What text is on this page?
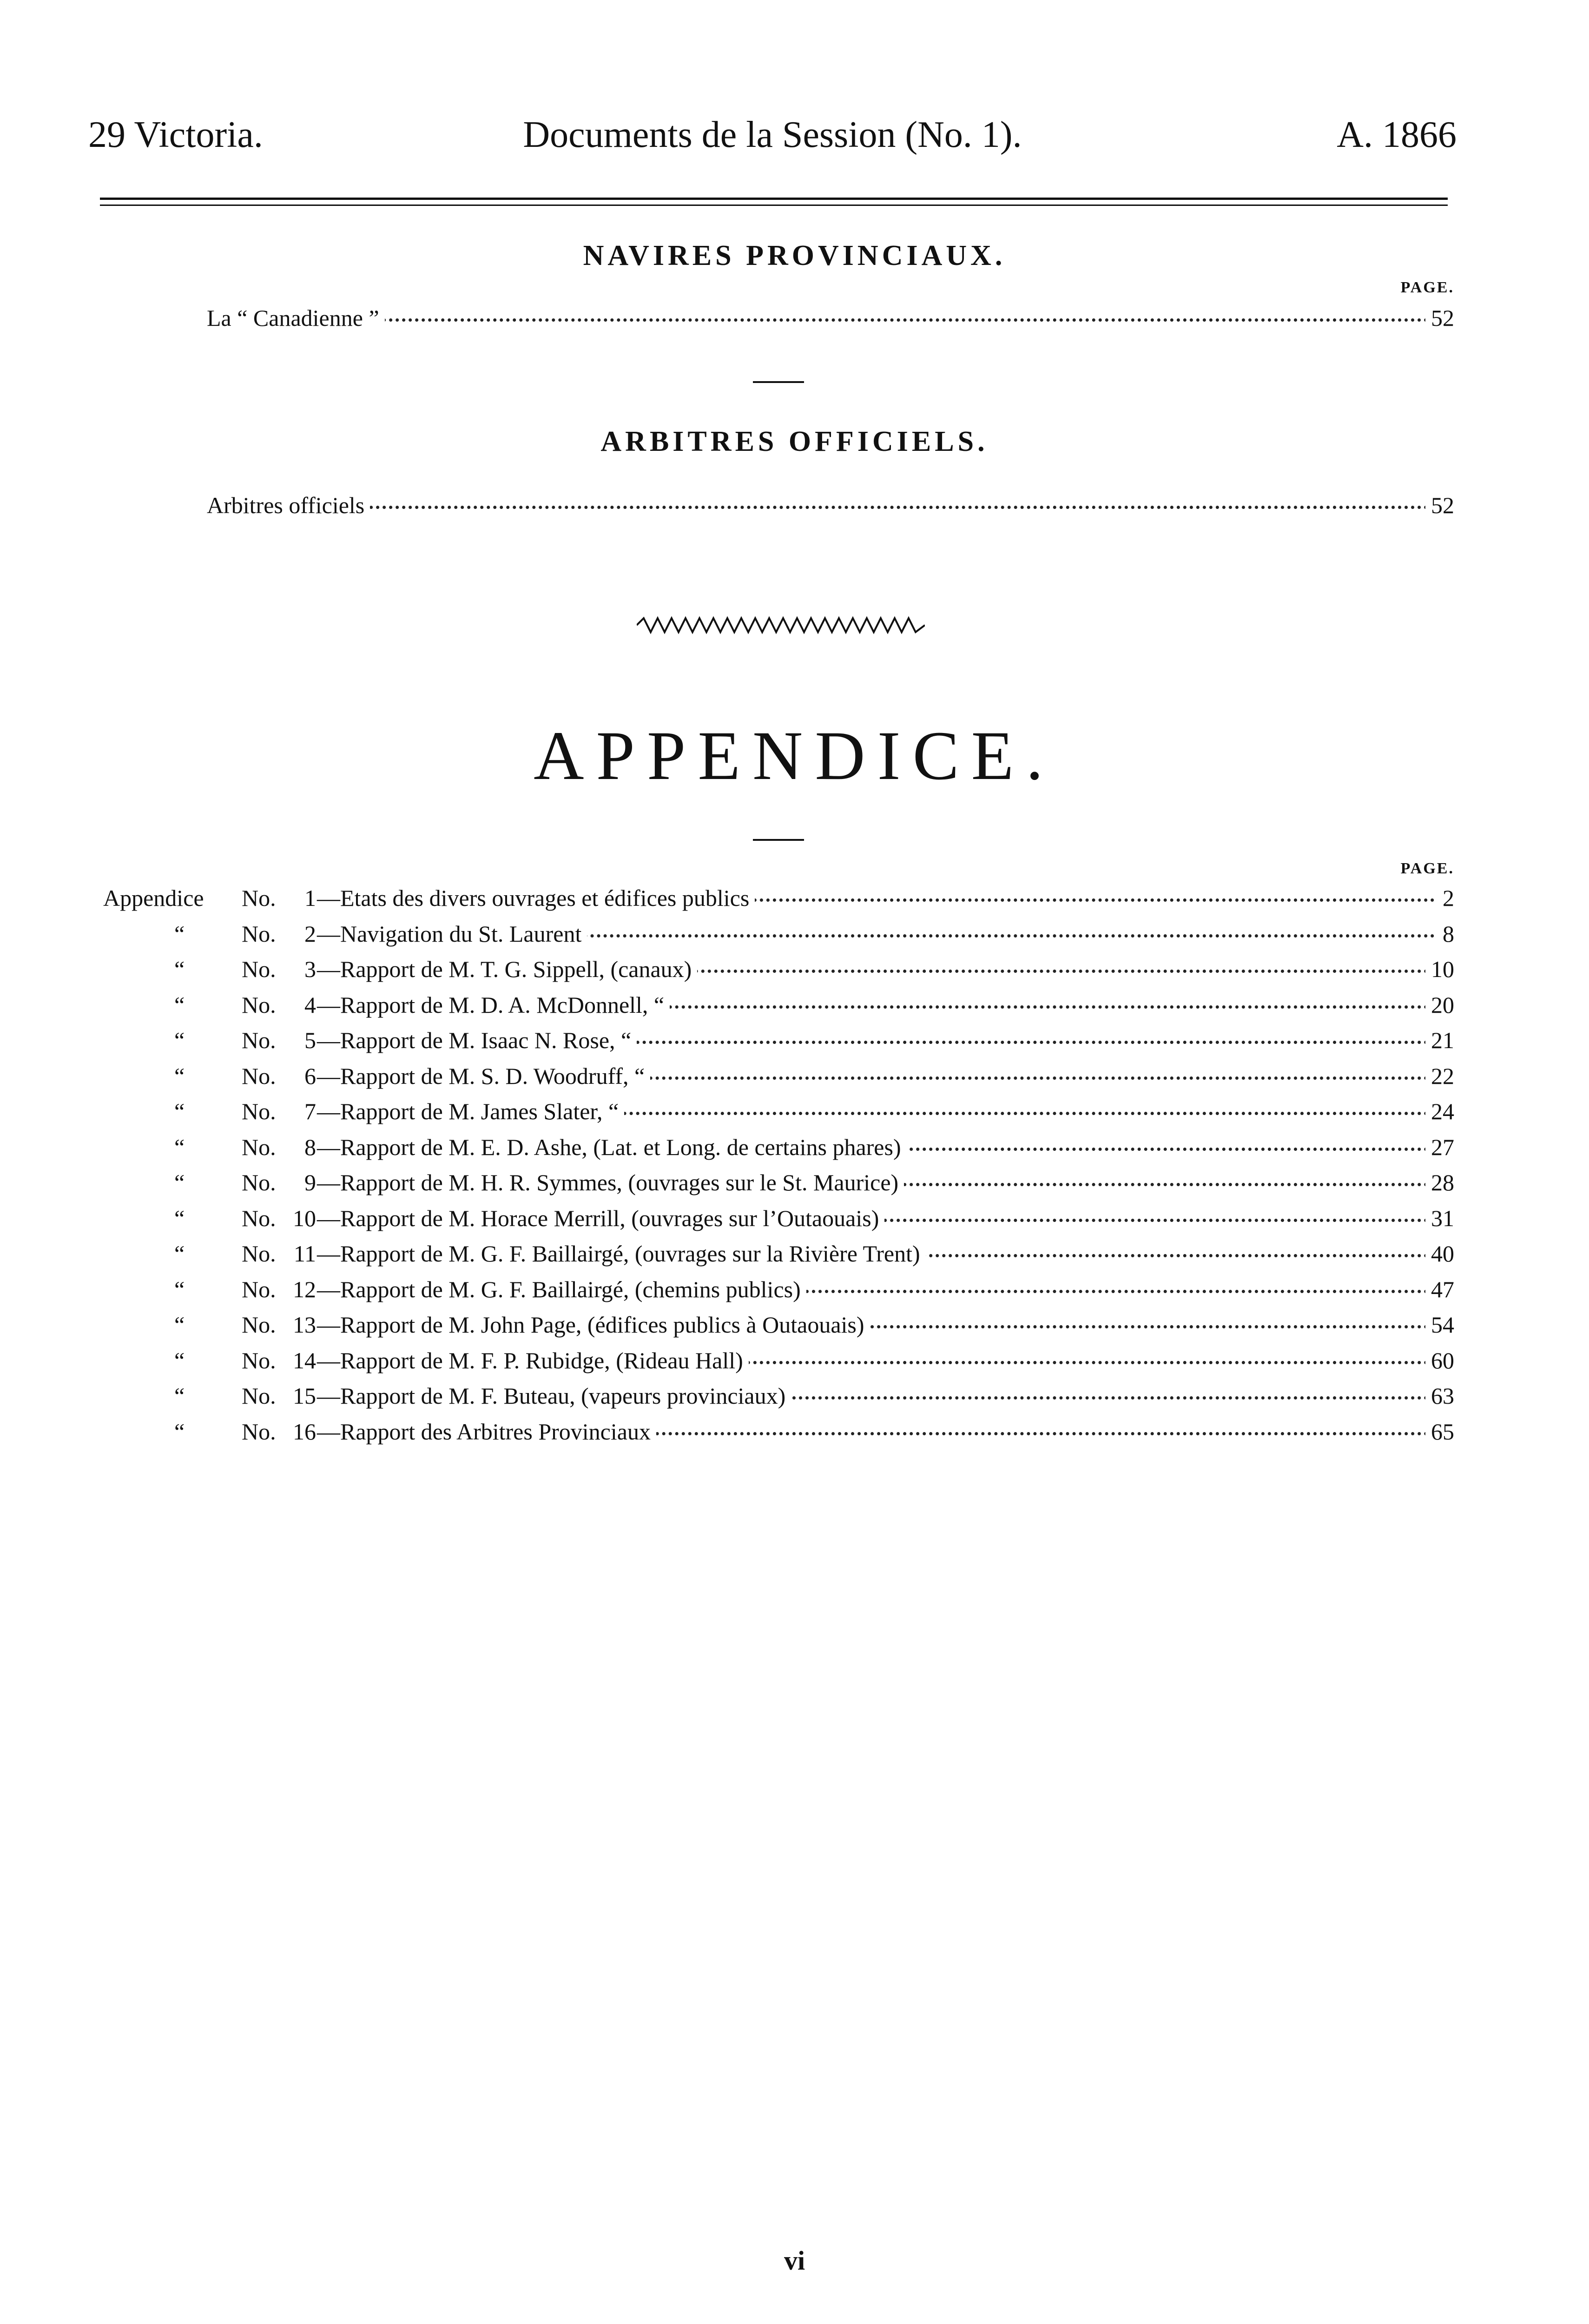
29 Victoria.	Documents de la Session (No. 1).	A. 1866
NAVIRES PROVINCIAUX.
PAGE.
La “ Canadienne ”	52
ARBITRES OFFICIELS.
Arbitres officiels	52
APPENDICE.
PAGE.
Appendice No.	1 —Etats des divers ouvrages et édifices publics	2
“ No.	2 —Navigation du St. Laurent	8
“ No.	3 —Rapport de M. T. G. Sippell, (canaux)	10
“ No.	4 —Rapport de M. D. A. McDonnell, “	20
“ No.	5 —Rapport de M. Isaac N. Rose, “	21
“ No.	6 —Rapport de M. S. D. Woodruff, “	22
“ No.	7 —Rapport de M. James Slater, “	24
“ No.	8 —Rapport de M. E. D. Ashe, (Lat. et Long. de certains phares)	27
“ No.	9 —Rapport de M. H. R. Symmes, (ouvrages sur le St. Maurice)	28
“ No. 10 —Rapport de M. Horace Merrill, (ouvrages sur l’Outaouais)	31
“ No. 11 —Rapport de M. G. F. Baillairgé, (ouvrages sur la Rivière Trent)	40
“ No. 12 —Rapport de M. G. F. Baillairgé, (chemins publics)	47
“ No. 13 —Rapport de M. John Page, (édifices publics à Outaouais)	54
“ No. 14 —Rapport de M. F. P. Rubidge, (Rideau Hall)	60
“ No. 15 —Rapport de M. F. Buteau, (vapeurs provinciaux)	63
“ No. 16 —Rapport des Arbitres Provinciaux	65
vi
